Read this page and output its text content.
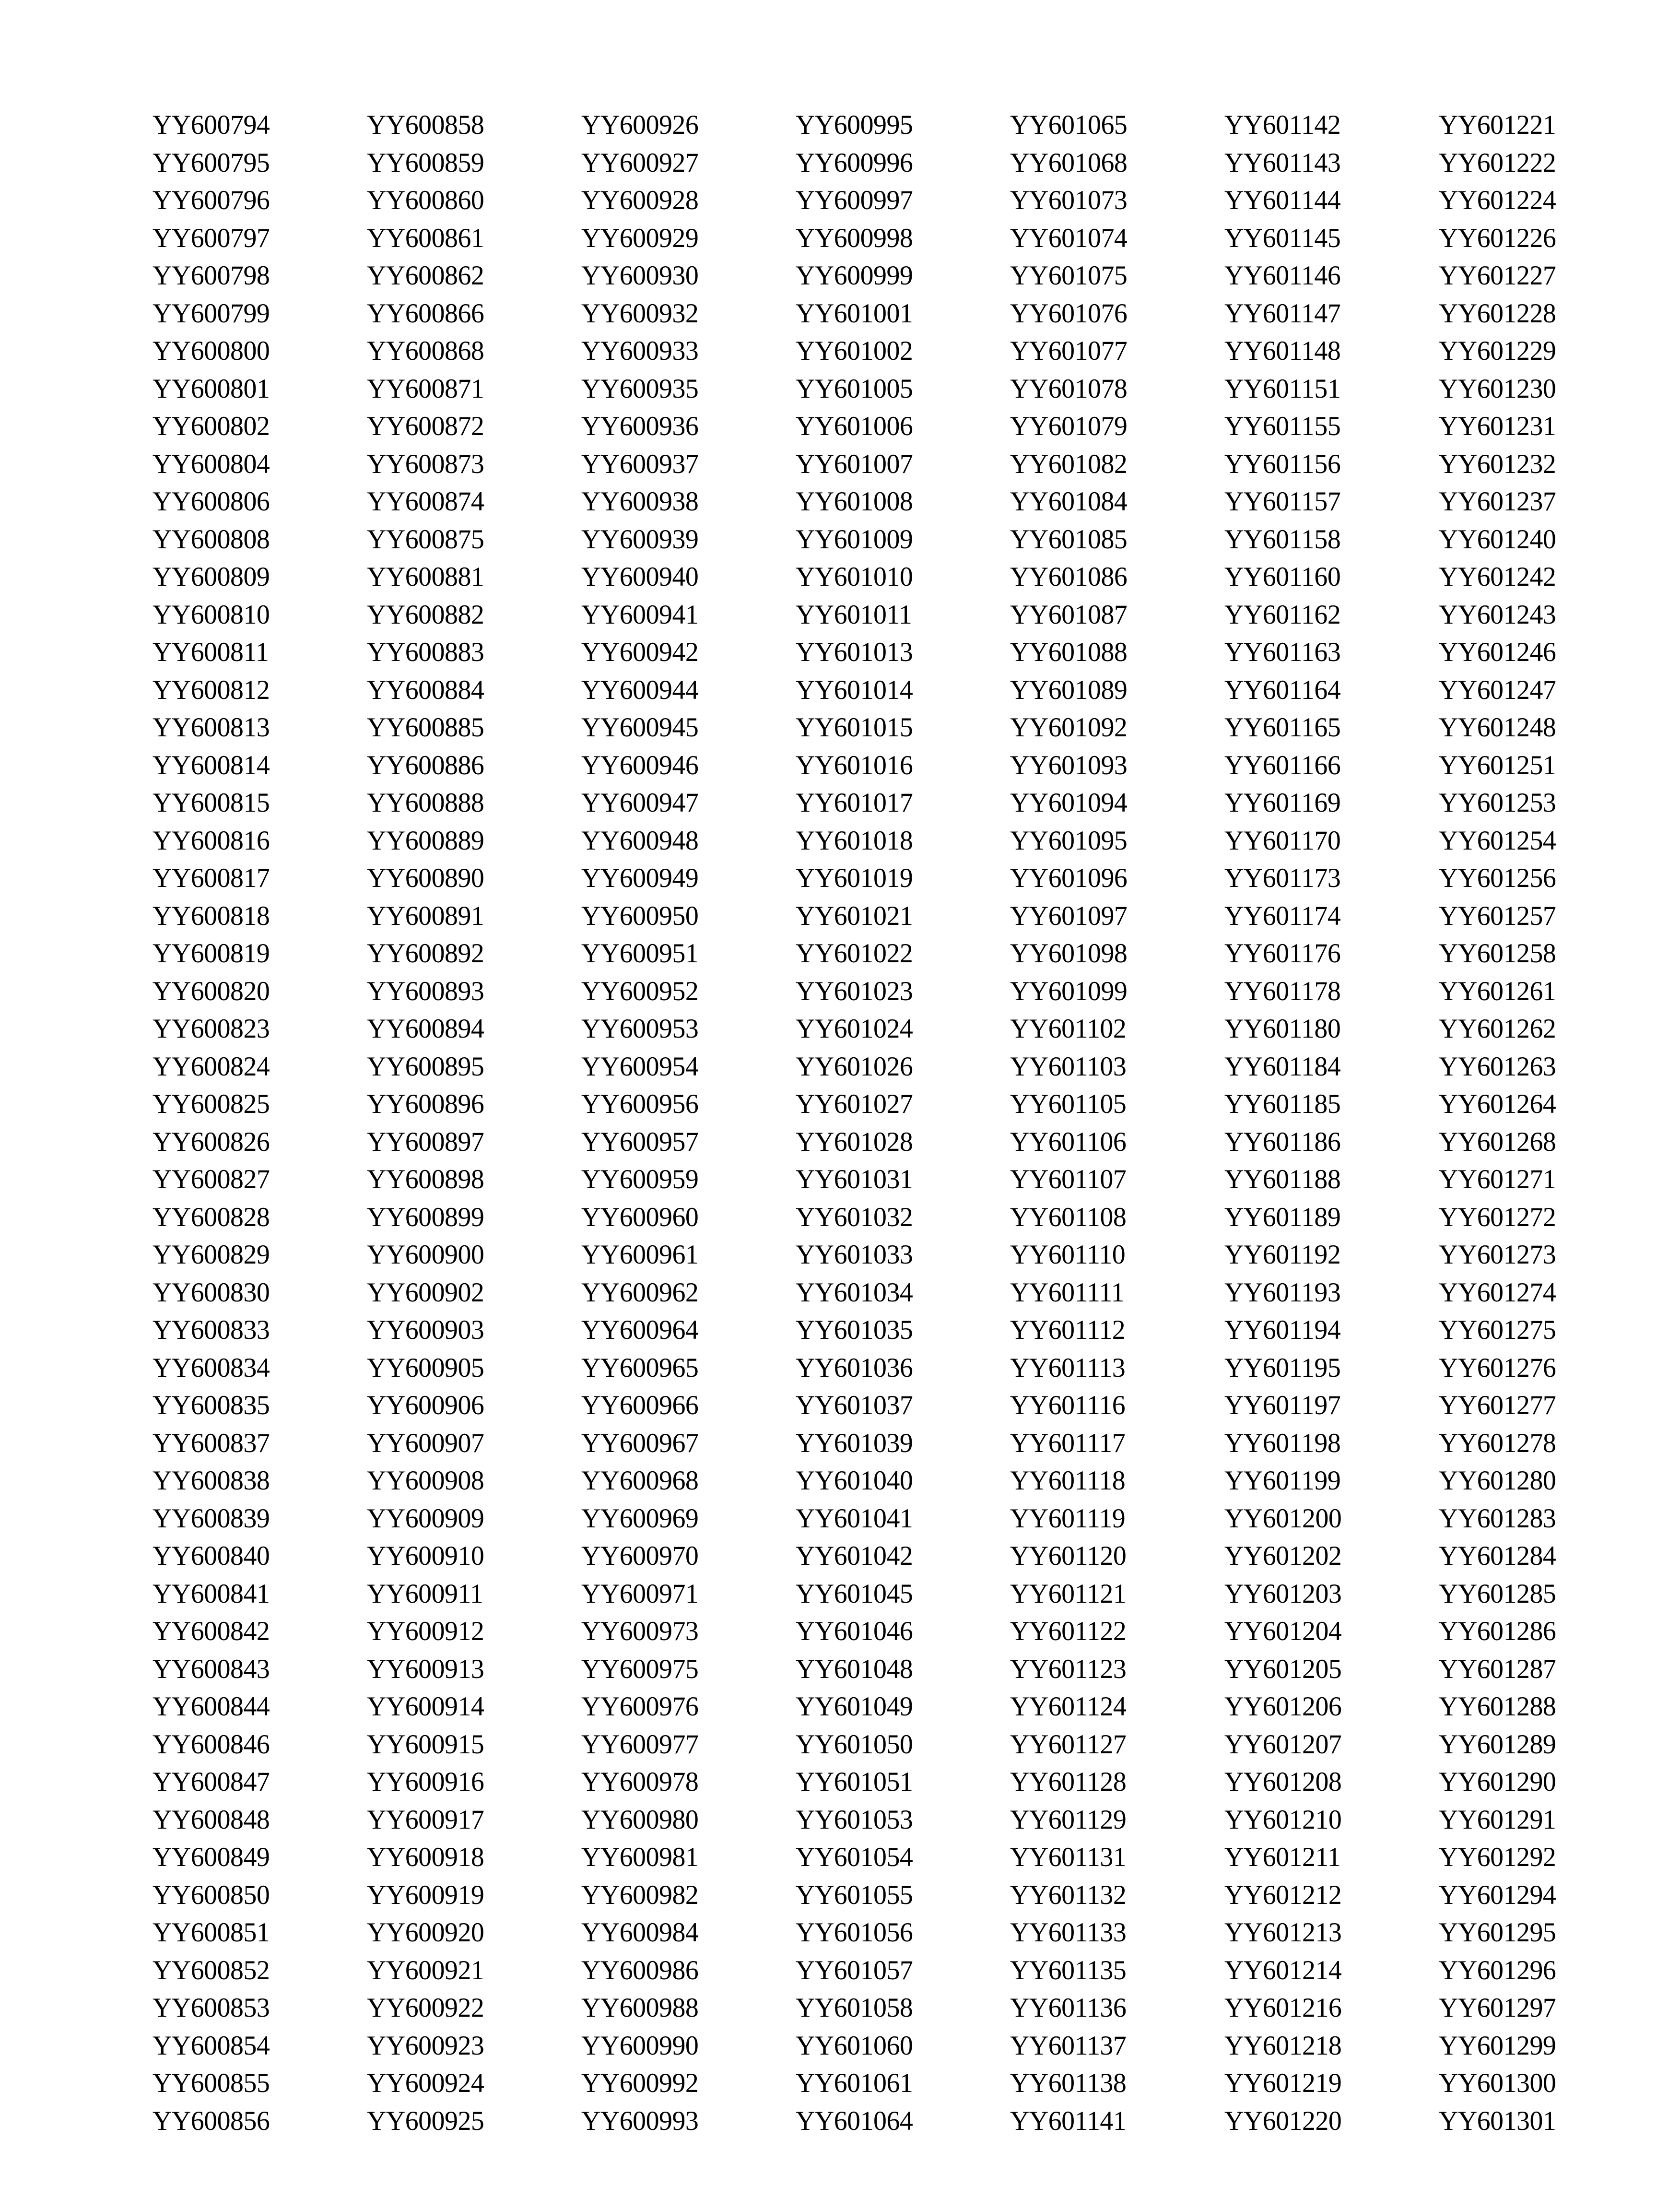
YY600794
YY600795
YY600796
YY600797
YY600798
YY600799
YY600800
YY600801
YY600802
YY600804
YY600806
YY600808
YY600809
YY600810
YY600811
YY600812
YY600813
YY600814
YY600815
YY600816
YY600817
YY600818
YY600819
YY600820
YY600823
YY600824
YY600825
YY600826
YY600827
YY600828
YY600829
YY600830
YY600833
YY600834
YY600835
YY600837
YY600838
YY600839
YY600840
YY600841
YY600842
YY600843
YY600844
YY600846
YY600847
YY600848
YY600849
YY600850
YY600851
YY600852
YY600853
YY600854
YY600855
YY600856
YY600858
YY600859
YY600860
YY600861
YY600862
YY600866
YY600868
YY600871
YY600872
YY600873
YY600874
YY600875
YY600881
YY600882
YY600883
YY600884
YY600885
YY600886
YY600888
YY600889
YY600890
YY600891
YY600892
YY600893
YY600894
YY600895
YY600896
YY600897
YY600898
YY600899
YY600900
YY600902
YY600903
YY600905
YY600906
YY600907
YY600908
YY600909
YY600910
YY600911
YY600912
YY600913
YY600914
YY600915
YY600916
YY600917
YY600918
YY600919
YY600920
YY600921
YY600922
YY600923
YY600924
YY600925
YY600926
YY600927
YY600928
YY600929
YY600930
YY600932
YY600933
YY600935
YY600936
YY600937
YY600938
YY600939
YY600940
YY600941
YY600942
YY600944
YY600945
YY600946
YY600947
YY600948
YY600949
YY600950
YY600951
YY600952
YY600953
YY600954
YY600956
YY600957
YY600959
YY600960
YY600961
YY600962
YY600964
YY600965
YY600966
YY600967
YY600968
YY600969
YY600970
YY600971
YY600973
YY600975
YY600976
YY600977
YY600978
YY600980
YY600981
YY600982
YY600984
YY600986
YY600988
YY600990
YY600992
YY600993
YY600995
YY600996
YY600997
YY600998
YY600999
YY601001
YY601002
YY601005
YY601006
YY601007
YY601008
YY601009
YY601010
YY601011
YY601013
YY601014
YY601015
YY601016
YY601017
YY601018
YY601019
YY601021
YY601022
YY601023
YY601024
YY601026
YY601027
YY601028
YY601031
YY601032
YY601033
YY601034
YY601035
YY601036
YY601037
YY601039
YY601040
YY601041
YY601042
YY601045
YY601046
YY601048
YY601049
YY601050
YY601051
YY601053
YY601054
YY601055
YY601056
YY601057
YY601058
YY601060
YY601061
YY601064
YY601065
YY601068
YY601073
YY601074
YY601075
YY601076
YY601077
YY601078
YY601079
YY601082
YY601084
YY601085
YY601086
YY601087
YY601088
YY601089
YY601092
YY601093
YY601094
YY601095
YY601096
YY601097
YY601098
YY601099
YY601102
YY601103
YY601105
YY601106
YY601107
YY601108
YY601110
YY601111
YY601112
YY601113
YY601116
YY601117
YY601118
YY601119
YY601120
YY601121
YY601122
YY601123
YY601124
YY601127
YY601128
YY601129
YY601131
YY601132
YY601133
YY601135
YY601136
YY601137
YY601138
YY601141
YY601142
YY601143
YY601144
YY601145
YY601146
YY601147
YY601148
YY601151
YY601155
YY601156
YY601157
YY601158
YY601160
YY601162
YY601163
YY601164
YY601165
YY601166
YY601169
YY601170
YY601173
YY601174
YY601176
YY601178
YY601180
YY601184
YY601185
YY601186
YY601188
YY601189
YY601192
YY601193
YY601194
YY601195
YY601197
YY601198
YY601199
YY601200
YY601202
YY601203
YY601204
YY601205
YY601206
YY601207
YY601208
YY601210
YY601211
YY601212
YY601213
YY601214
YY601216
YY601218
YY601219
YY601220
YY601221
YY601222
YY601224
YY601226
YY601227
YY601228
YY601229
YY601230
YY601231
YY601232
YY601237
YY601240
YY601242
YY601243
YY601246
YY601247
YY601248
YY601251
YY601253
YY601254
YY601256
YY601257
YY601258
YY601261
YY601262
YY601263
YY601264
YY601268
YY601271
YY601272
YY601273
YY601274
YY601275
YY601276
YY601277
YY601278
YY601280
YY601283
YY601284
YY601285
YY601286
YY601287
YY601288
YY601289
YY601290
YY601291
YY601292
YY601294
YY601295
YY601296
YY601297
YY601299
YY601300
YY601301
